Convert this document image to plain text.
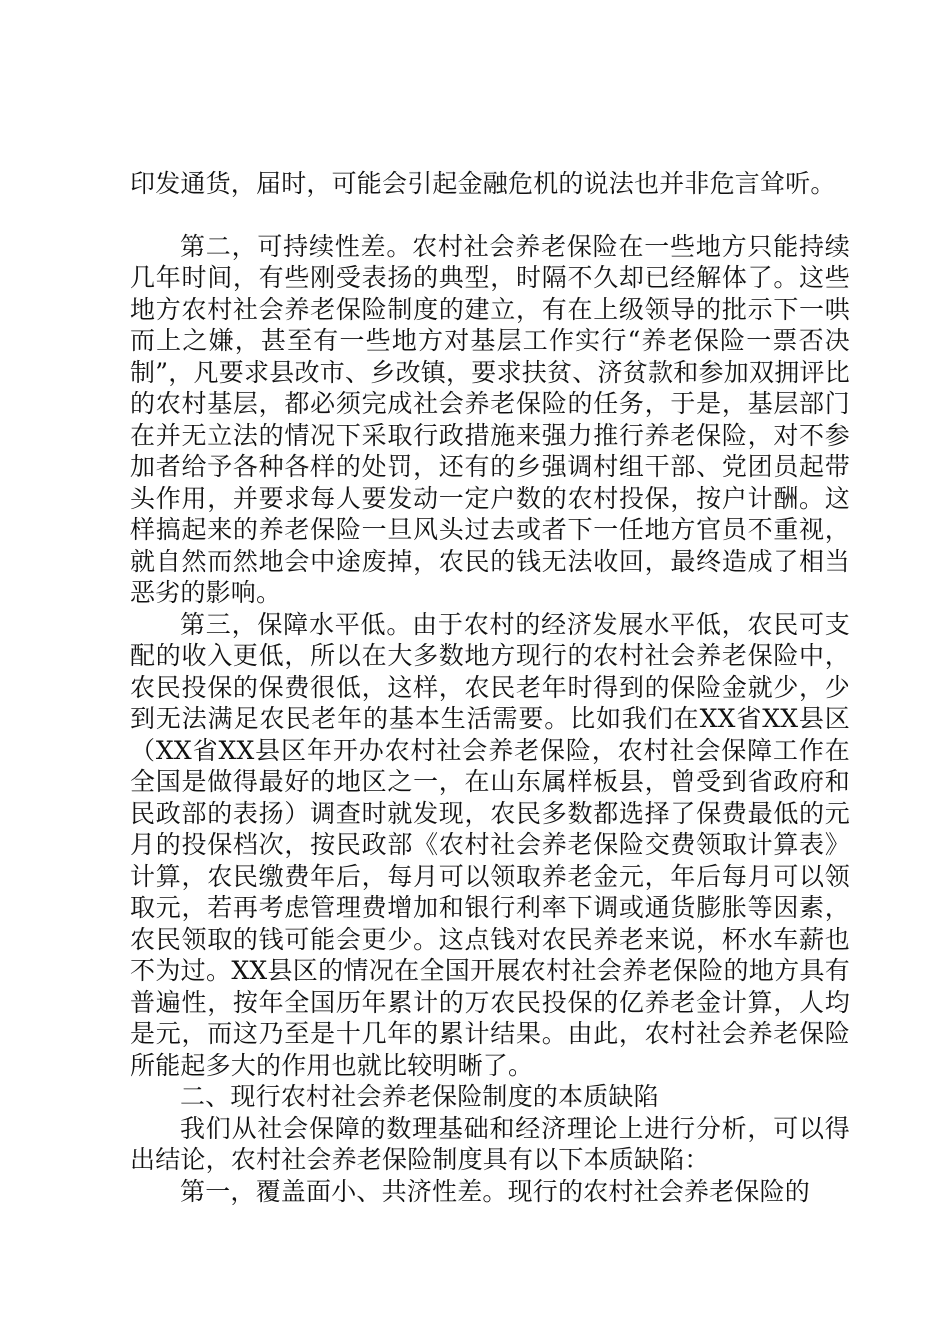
印发通货，届时，可能会引起金融危机的说法也并非危言耸听。

第二，可持续性差。农村社会养老保险在一些地方只能持续几年时间，有些刚受表扬的典型，时隔不久却已经解体了。这些地方农村社会养老保险制度的建立，有在上级领导的批示下一哄而上之嫌，甚至有一些地方对基层工作实行“养老保险一票否决制”，凡要求县改市、乡改镇，要求扶贫、济贫款和参加双拥评比的农村基层，都必须完成社会养老保险的任务，于是，基层部门在并无立法的情况下采取行政措施来强力推行养老保险，对不参加者给予各种各样的处罚，还有的乡强调村组干部、党团员起带头作用，并要求每人要发动一定户数的农村投保，按户计酬。这样搞起来的养老保险一旦风头过去或者下一任地方官员不重视，就自然而然地会中途废掉，农民的钱无法收回，最终造成了相当恶劣的影响。

第三，保障水平低。由于农村的经济发展水平低，农民可支配的收入更低，所以在大多数地方现行的农村社会养老保险中，农民投保的保费很低，这样，农民老年时得到的保险金就少，少到无法满足农民老年的基本生活需要。比如我们在XX省XX县区（XX省XX县区年开办农村社会养老保险，农村社会保障工作在全国是做得最好的地区之一，在山东属样板县，曾受到省政府和民政部的表扬）调查时就发现，农民多数都选择了保费最低的元月的投保档次，按民政部《农村社会养老保险交费领取计算表》计算，农民缴费年后，每月可以领取养老金元，年后每月可以领取元，若再考虑管理费增加和银行利率下调或通货膨胀等因素，农民领取的钱可能会更少。这点钱对农民养老来说，杯水车薪也不为过。XX县区的情况在全国开展农村社会养老保险的地方具有普遍性，按年全国历年累计的万农民投保的亿养老金计算，人均是元，而这乃至是十几年的累计结果。由此，农村社会养老保险所能起多大的作用也就比较明晰了。

二、现行农村社会养老保险制度的本质缺陷

我们从社会保障的数理基础和经济理论上进行分析，可以得出结论，农村社会养老保险制度具有以下本质缺陷：

第一，覆盖面小、共济性差。现行的农村社会养老保险的
